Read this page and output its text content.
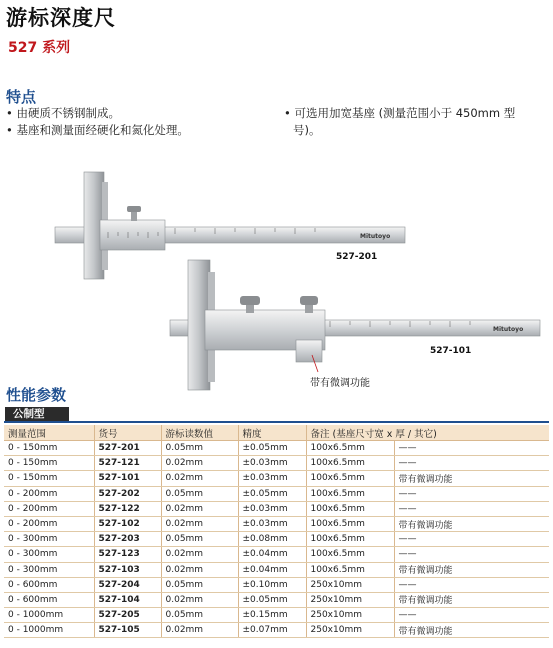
游标深度尺
527 系列
特点
• 由硬质不锈钢制成。
• 基座和测量面经硬化和氮化处理。
• 可选用加宽基座 (测量范围小于 450mm 型
号)。
Mitutoyo
Mitutoyo
527-201
527-101
带有微调功能
性能参数
公制型
测量范围	货号	游标读数值	精度	备注 (基座尺寸宽 x 厚 / 其它)	
0 - 150mm	527-201	0.05mm	±0.05mm	100x6.5mm	——
0 - 150mm	527-121	0.02mm	±0.03mm	100x6.5mm	——
0 - 150mm	527-101	0.02mm	±0.03mm	100x6.5mm	带有微调功能
0 - 200mm	527-202	0.05mm	±0.05mm	100x6.5mm	——
0 - 200mm	527-122	0.02mm	±0.03mm	100x6.5mm	——
0 - 200mm	527-102	0.02mm	±0.03mm	100x6.5mm	带有微调功能
0 - 300mm	527-203	0.05mm	±0.08mm	100x6.5mm	——
0 - 300mm	527-123	0.02mm	±0.04mm	100x6.5mm	——
0 - 300mm	527-103	0.02mm	±0.04mm	100x6.5mm	带有微调功能
0 - 600mm	527-204	0.05mm	±0.10mm	250x10mm	——
0 - 600mm	527-104	0.02mm	±0.05mm	250x10mm	带有微调功能
0 - 1000mm	527-205	0.05mm	±0.15mm	250x10mm	——
0 - 1000mm	527-105	0.02mm	±0.07mm	250x10mm	带有微调功能
